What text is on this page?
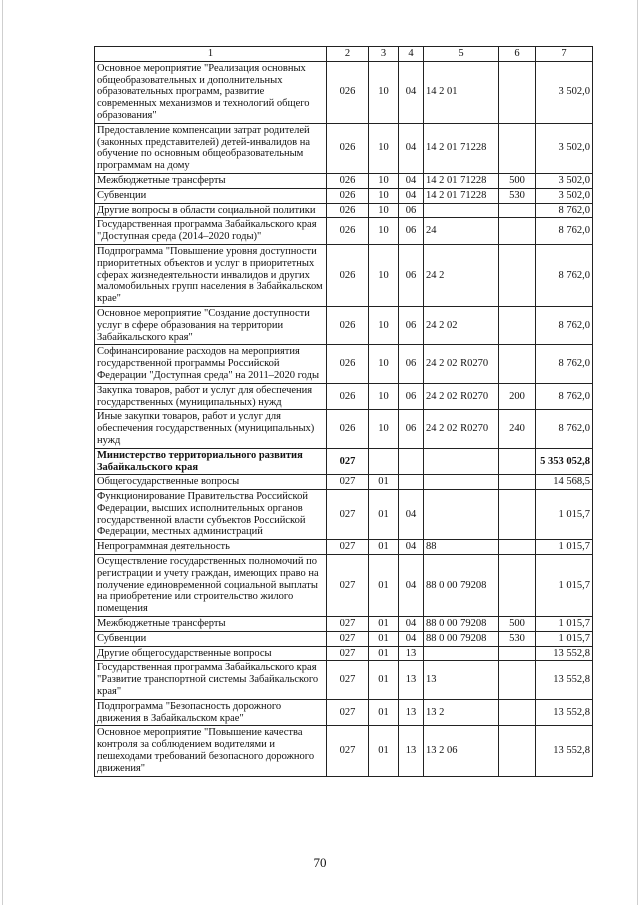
1	2	3	4	5	6	7
Основное мероприятие "Реализация основных общеобразовательных и дополнительных образовательных программ, развитие современных механизмов и технологий общего образования"	026	10	04	14 2 01		3 502,0
Предоставление компенсации затрат родителей (законных представителей) детей-инвалидов на обучение по основным общеобразовательным программам на дому	026	10	04	14 2 01 71228		3 502,0
Межбюджетные трансферты	026	10	04	14 2 01 71228	500	3 502,0
Субвенции	026	10	04	14 2 01 71228	530	3 502,0
Другие вопросы в области социальной политики	026	10	06			8 762,0
Государственная программа Забайкальского края "Доступная среда (2014–2020 годы)"	026	10	06	24		8 762,0
Подпрограмма "Повышение уровня доступности приоритетных объектов и услуг в приоритетных сферах жизнедеятельности инвалидов и других маломобильных групп населения в Забайкальском крае"	026	10	06	24 2		8 762,0
Основное мероприятие "Создание доступности услуг в сфере образования на территории Забайкальского края"	026	10	06	24 2 02		8 762,0
Софинансирование расходов на мероприятия государственной программы Российской Федерации "Доступная среда" на 2011–2020 годы	026	10	06	24 2 02 R0270		8 762,0
Закупка товаров, работ и услуг для обеспечения государственных (муниципальных) нужд	026	10	06	24 2 02 R0270	200	8 762,0
Иные закупки товаров, работ и услуг для обеспечения государственных (муниципальных) нужд	026	10	06	24 2 02 R0270	240	8 762,0
Министерство территориального развития Забайкальского края	027					5 353 052,8
Общегосударственные вопросы	027	01				14 568,5
Функционирование Правительства Российской Федерации, высших исполнительных органов государственной власти субъектов Российской Федерации, местных администраций	027	01	04			1 015,7
Непрограммная деятельность	027	01	04	88		1 015,7
Осуществление государственных полномочий по регистрации и учету граждан, имеющих право на получение единовременной социальной выплаты на приобретение или строительство жилого помещения	027	01	04	88 0 00 79208		1 015,7
Межбюджетные трансферты	027	01	04	88 0 00 79208	500	1 015,7
Субвенции	027	01	04	88 0 00 79208	530	1 015,7
Другие общегосударственные вопросы	027	01	13			13 552,8
Государственная программа Забайкальского края "Развитие транспортной системы Забайкальского края"	027	01	13	13		13 552,8
Подпрограмма "Безопасность дорожного движения в Забайкальском крае"	027	01	13	13 2		13 552,8
Основное мероприятие "Повышение качества контроля за соблюдением водителями и пешеходами требований безопасного дорожного движения"	027	01	13	13 2 06		13 552,8
70
